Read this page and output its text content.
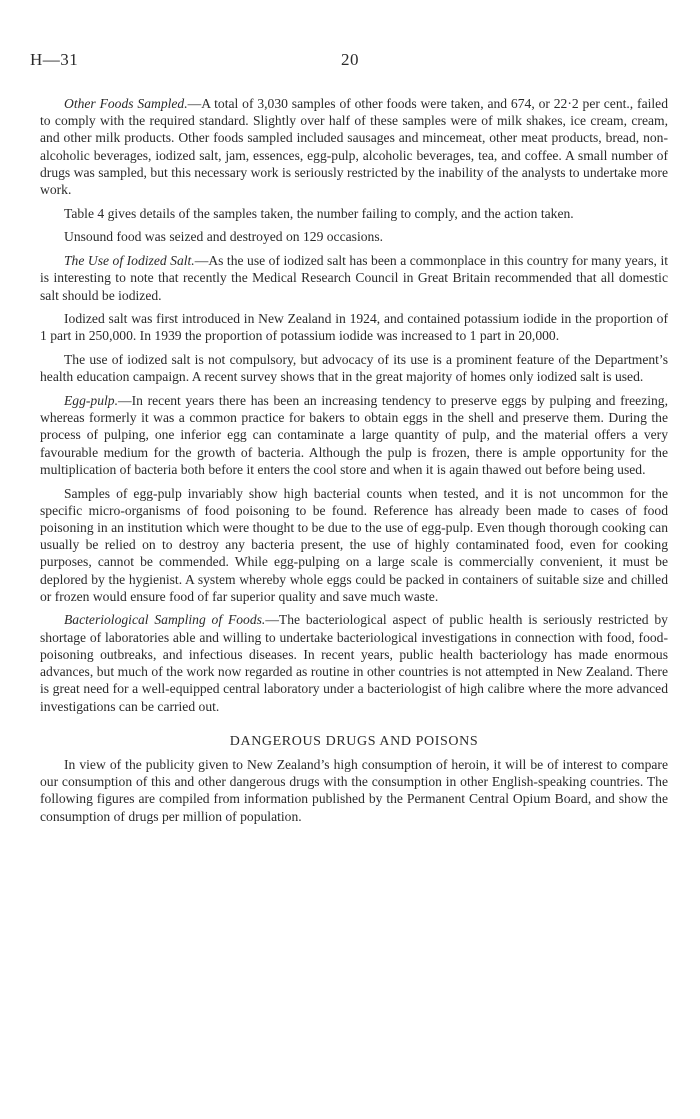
H—31	20

Other Foods Sampled.—A total of 3,030 samples of other foods were taken, and 674, or 22·2 per cent., failed to comply with the required standard. Slightly over half of these samples were of milk shakes, ice cream, cream, and other milk products. Other foods sampled included sausages and mincemeat, other meat products, bread, non-alcoholic beverages, iodized salt, jam, essences, egg-pulp, alcoholic beverages, tea, and coffee. A small number of drugs was sampled, but this necessary work is seriously restricted by the inability of the analysts to undertake more work.

Table 4 gives details of the samples taken, the number failing to comply, and the action taken.

Unsound food was seized and destroyed on 129 occasions.

The Use of Iodized Salt.—As the use of iodized salt has been a commonplace in this country for many years, it is interesting to note that recently the Medical Research Council in Great Britain recommended that all domestic salt should be iodized.

Iodized salt was first introduced in New Zealand in 1924, and contained potassium iodide in the proportion of 1 part in 250,000. In 1939 the proportion of potassium iodide was increased to 1 part in 20,000.

The use of iodized salt is not compulsory, but advocacy of its use is a prominent feature of the Department’s health education campaign. A recent survey shows that in the great majority of homes only iodized salt is used.

Egg-pulp.—In recent years there has been an increasing tendency to preserve eggs by pulping and freezing, whereas formerly it was a common practice for bakers to obtain eggs in the shell and preserve them. During the process of pulping, one inferior egg can contaminate a large quantity of pulp, and the material offers a very favourable medium for the growth of bacteria. Although the pulp is frozen, there is ample opportunity for the multiplication of bacteria both before it enters the cool store and when it is again thawed out before being used.

Samples of egg-pulp invariably show high bacterial counts when tested, and it is not uncommon for the specific micro-organisms of food poisoning to be found. Reference has already been made to cases of food poisoning in an institution which were thought to be due to the use of egg-pulp. Even though thorough cooking can usually be relied on to destroy any bacteria present, the use of highly contaminated food, even for cooking purposes, cannot be commended. While egg-pulping on a large scale is commercially convenient, it must be deplored by the hygienist. A system whereby whole eggs could be packed in containers of suitable size and chilled or frozen would ensure food of far superior quality and save much waste.

Bacteriological Sampling of Foods.—The bacteriological aspect of public health is seriously restricted by shortage of laboratories able and willing to undertake bacteriological investigations in connection with food, food-poisoning outbreaks, and infectious diseases. In recent years, public health bacteriology has made enormous advances, but much of the work now regarded as routine in other countries is not attempted in New Zealand. There is great need for a well-equipped central laboratory under a bacteriologist of high calibre where the more advanced investigations can be carried out.

DANGEROUS DRUGS AND POISONS

In view of the publicity given to New Zealand’s high consumption of heroin, it will be of interest to compare our consumption of this and other dangerous drugs with the consumption in other English-speaking countries. The following figures are compiled from information published by the Permanent Central Opium Board, and show the consumption of drugs per million of population.
